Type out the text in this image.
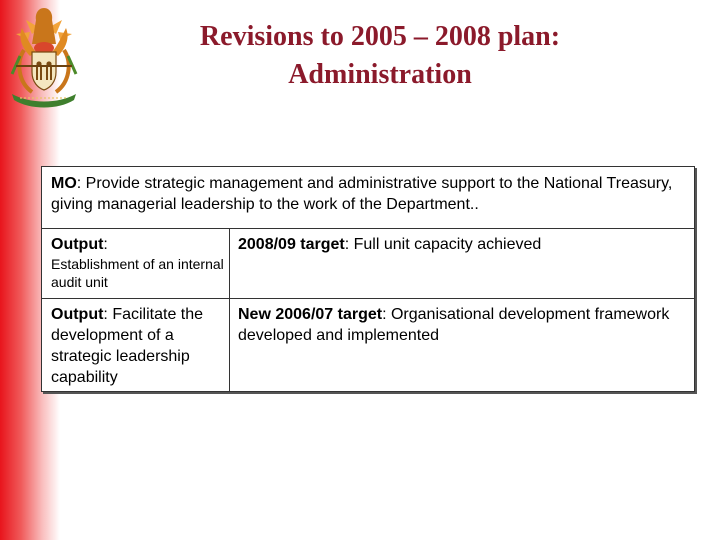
Revisions to 2005 – 2008 plan:
Administration
MO: Provide strategic management and administrative support to the National Treasury, giving managerial leadership to the work of the Department..
Output:
Establishment of an internal audit unit
2008/09 target: Full unit capacity achieved
Output: Facilitate the development of a strategic leadership capability
New 2006/07 target: Organisational development framework developed and implemented
